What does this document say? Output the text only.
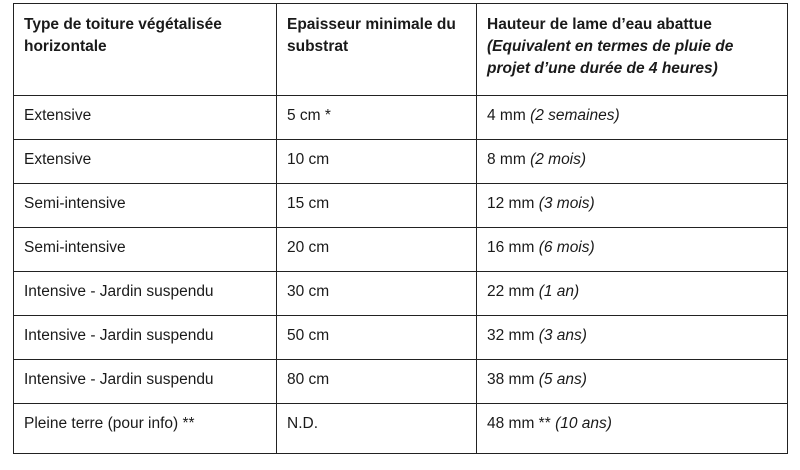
Type de toiture végétalisée horizontale	Epaisseur minimale du substrat	Hauteur de lame d’eau abattue
(Equivalent en termes de pluie de projet d’une durée de 4 heures)

Extensive	5 cm *	4 mm (2 semaines)
Extensive	10 cm	8 mm (2 mois)
Semi-intensive	15 cm	12 mm (3 mois)
Semi-intensive	20 cm	16 mm (6 mois)
Intensive - Jardin suspendu	30 cm	22 mm (1 an)
Intensive - Jardin suspendu	50 cm	32 mm (3 ans)
Intensive - Jardin suspendu	80 cm	38 mm (5 ans)
Pleine terre (pour info) **	N.D.	48 mm ** (10 ans)
